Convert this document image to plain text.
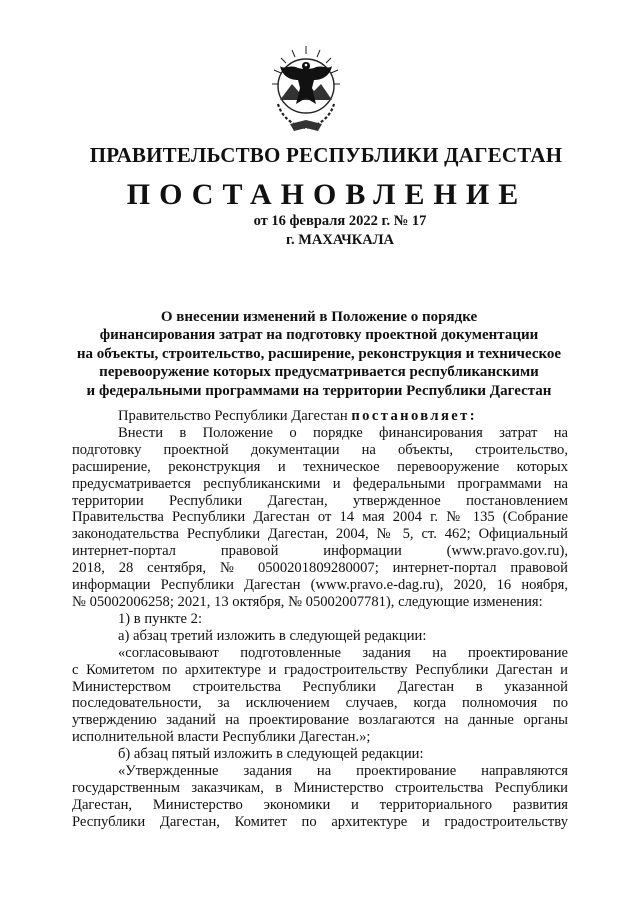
ПРАВИТЕЛЬСТВО РЕСПУБЛИКИ ДАГЕСТАН
ПОСТАНОВЛЕНИЕ
от 16 февраля 2022 г. № 17
г. МАХАЧКАЛА
О внесении изменений в Положение о порядке
финансирования затрат на подготовку проектной документации
на объекты, строительство, расширение, реконструкция и техническое
перевооружение которых предусматривается республиканскими
и федеральными программами на территории Республики Дагестан
Правительство Республики Дагестан постановляет:
Внести в Положение о порядке финансирования затрат на
подготовку проектной документации на объекты, строительство,
расширение, реконструкция и техническое перевооружение которых
предусматривается республиканскими и федеральными программами на
территории Республики Дагестан, утвержденное постановлением
Правительства Республики Дагестан от 14 мая 2004 г. № 135 (Собрание
законодательства Республики Дагестан, 2004, № 5, ст. 462; Официальный
интернет-портал правовой информации (www.pravo.gov.ru),
2018, 28 сентября, № 0500201809280007; интернет-портал правовой
информации Республики Дагестан (www.pravo.e-dag.ru), 2020, 16 ноября,
№ 05002006258; 2021, 13 октября, № 05002007781), следующие изменения:
1) в пункте 2:
а) абзац третий изложить в следующей редакции:
«согласовывают подготовленные задания на проектирование
с Комитетом по архитектуре и градостроительству Республики Дагестан и
Министерством строительства Республики Дагестан в указанной
последовательности, за исключением случаев, когда полномочия по
утверждению заданий на проектирование возлагаются на данные органы
исполнительной власти Республики Дагестан.»;
б) абзац пятый изложить в следующей редакции:
«Утвержденные задания на проектирование направляются
государственным заказчикам, в Министерство строительства Республики
Дагестан, Министерство экономики и территориального развития
Республики Дагестан, Комитет по архитектуре и градостроительству
